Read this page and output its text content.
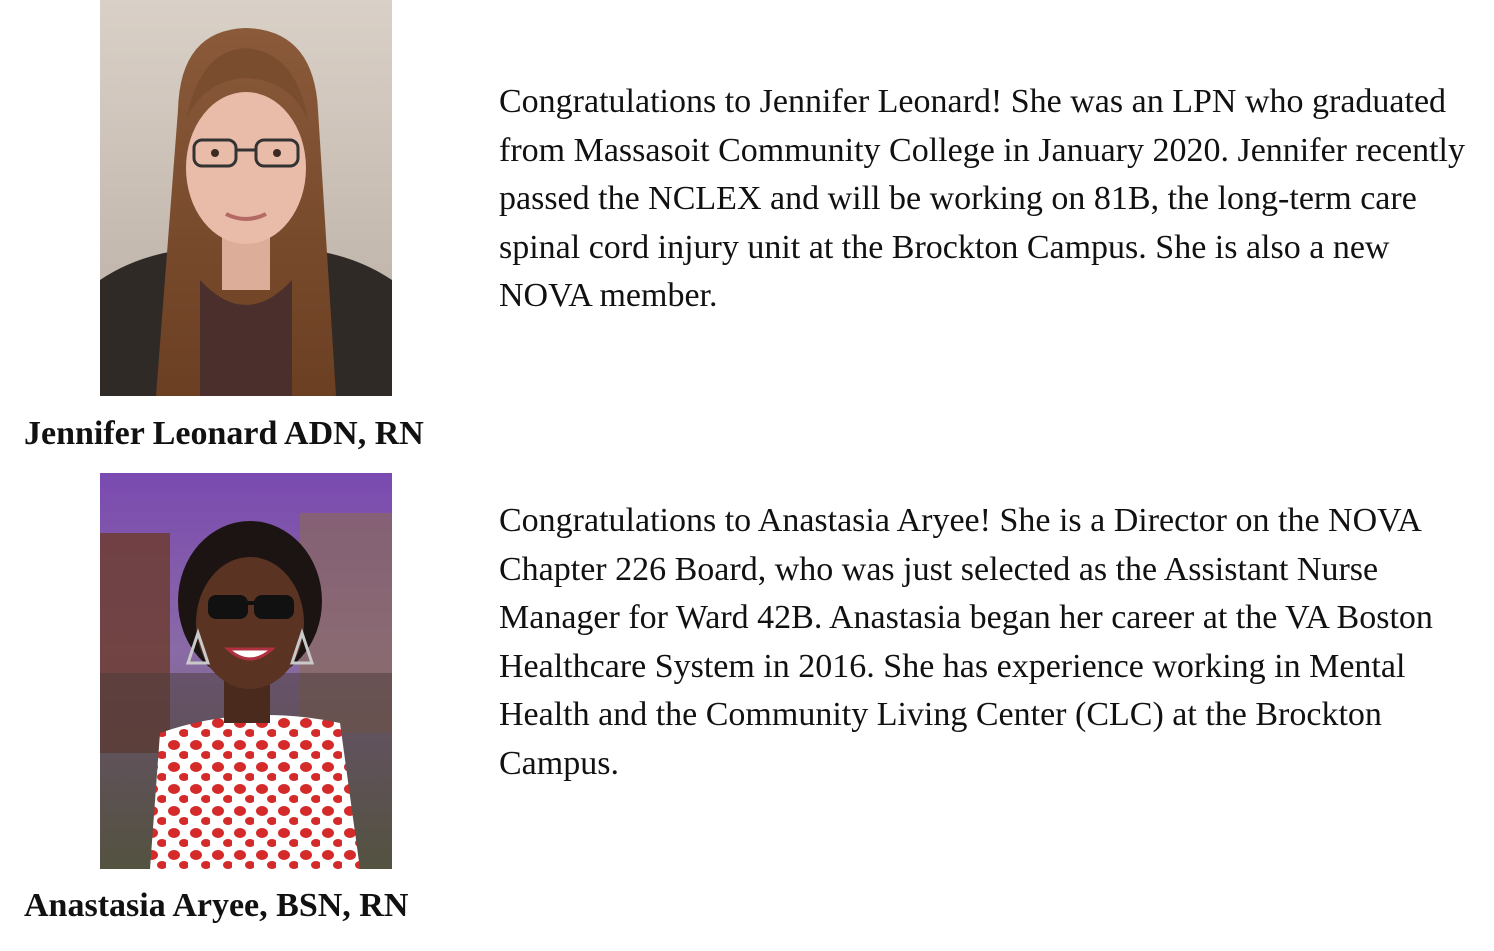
Jennifer Leonard ADN, RN

Congratulations to Jennifer Leonard! She was an LPN who graduated from Massasoit Community College in January 2020. Jennifer recently passed the NCLEX and will be working on 81B, the long-term care spinal cord injury unit at the Brockton Campus. She is also a new NOVA member.

Anastasia Aryee, BSN, RN

Congratulations to Anastasia Aryee! She is a Director on the NOVA Chapter 226 Board, who was just selected as the Assistant Nurse Manager for Ward 42B. Anastasia began her career at the VA Boston Healthcare System in 2016. She has experience working in Mental Health and the Community Living Center (CLC) at the Brockton Campus.
